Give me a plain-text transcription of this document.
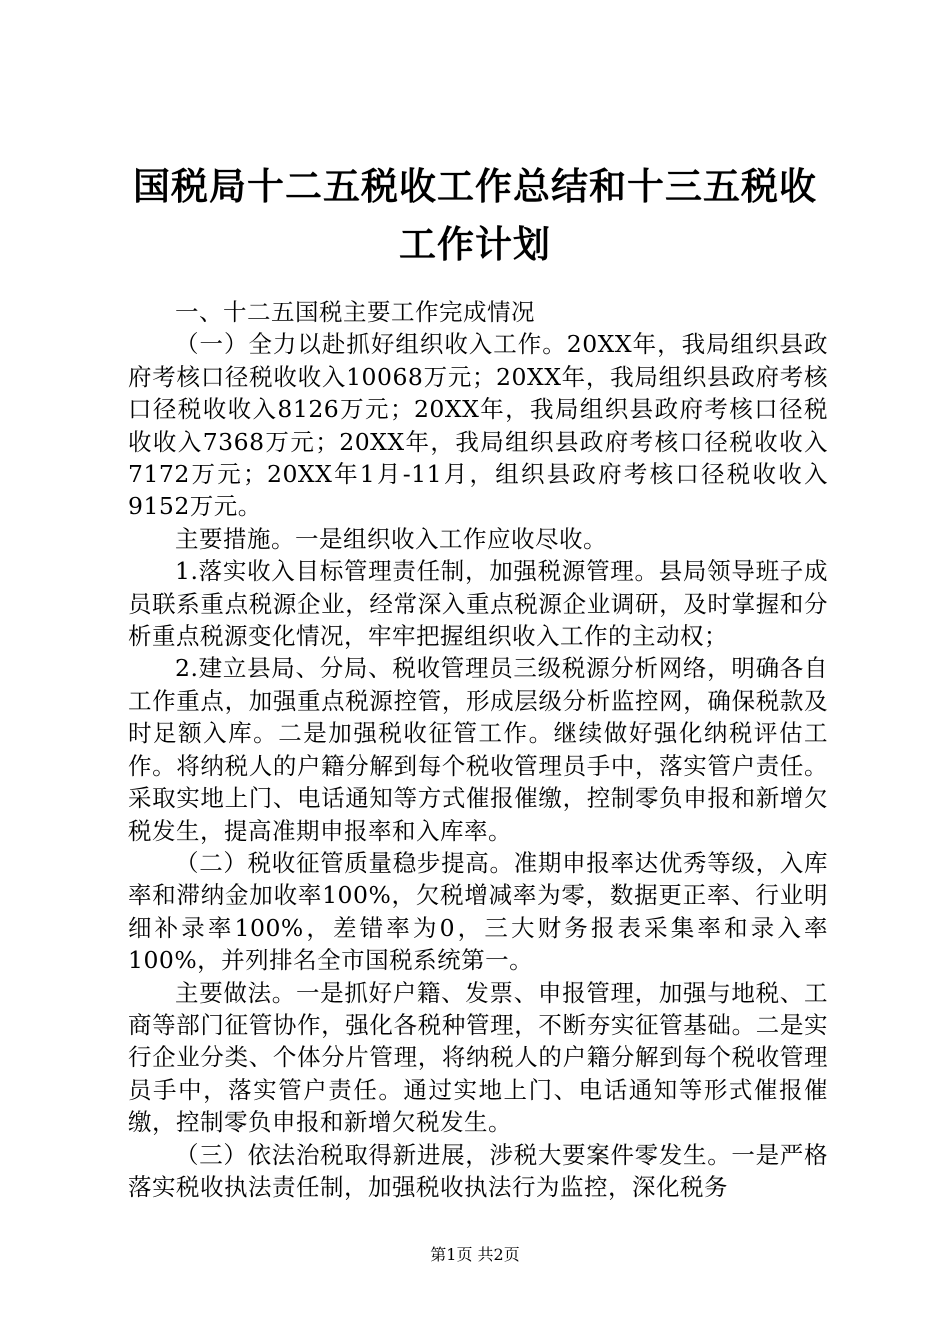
国税局十二五税收工作总结和十三五税收工作计划

一、十二五国税主要工作完成情况

（一）全力以赴抓好组织收入工作。20XX年，我局组织县政府考核口径税收收入10068万元；20XX年，我局组织县政府考核口径税收收入8126万元；20XX年，我局组织县政府考核口径税收收入7368万元；20XX年，我局组织县政府考核口径税收收入7172万元；20XX年1月-11月，组织县政府考核口径税收收入9152万元。

主要措施。一是组织收入工作应收尽收。

1.落实收入目标管理责任制，加强税源管理。县局领导班子成员联系重点税源企业，经常深入重点税源企业调研，及时掌握和分析重点税源变化情况，牢牢把握组织收入工作的主动权；

2.建立县局、分局、税收管理员三级税源分析网络，明确各自工作重点，加强重点税源控管，形成层级分析监控网，确保税款及时足额入库。二是加强税收征管工作。继续做好强化纳税评估工作。将纳税人的户籍分解到每个税收管理员手中，落实管户责任。采取实地上门、电话通知等方式催报催缴，控制零负申报和新增欠税发生，提高准期申报率和入库率。

（二）税收征管质量稳步提高。准期申报率达优秀等级，入库率和滞纳金加收率100%，欠税增减率为零，数据更正率、行业明细补录率100%，差错率为0，三大财务报表采集率和录入率100%，并列排名全市国税系统第一。

主要做法。一是抓好户籍、发票、申报管理，加强与地税、工商等部门征管协作，强化各税种管理，不断夯实征管基础。二是实行企业分类、个体分片管理，将纳税人的户籍分解到每个税收管理员手中，落实管户责任。通过实地上门、电话通知等形式催报催缴，控制零负申报和新增欠税发生。

（三）依法治税取得新进展，涉税大要案件零发生。一是严格落实税收执法责任制，加强税收执法行为监控，深化税务

第1页 共2页
